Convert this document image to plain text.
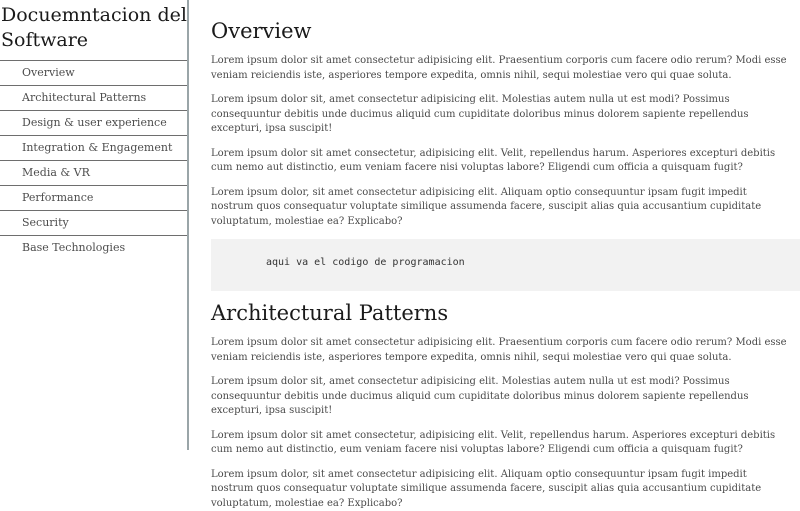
Docuemntacion del Software
Overview
Architectural Patterns
Design & user experience
Integration & Engagement
Media & VR
Performance
Security
Base Technologies
Overview

Lorem ipsum dolor sit amet consectetur adipisicing elit. Praesentium corporis cum facere odio rerum? Modi esse veniam reiciendis iste, asperiores tempore expedita, omnis nihil, sequi molestiae vero qui quae soluta.

Lorem ipsum dolor sit, amet consectetur adipisicing elit. Molestias autem nulla ut est modi? Possimus consequuntur debitis unde ducimus aliquid cum cupiditate doloribus minus dolorem sapiente repellendus excepturi, ipsa suscipit!

Lorem ipsum dolor sit amet consectetur, adipisicing elit. Velit, repellendus harum. Asperiores excepturi debitis cum nemo aut distinctio, eum veniam facere nisi voluptas labore? Eligendi cum officia a quisquam fugit?

Lorem ipsum dolor, sit amet consectetur adipisicing elit. Aliquam optio consequuntur ipsam fugit impedit nostrum quos consequatur voluptate similique assumenda facere, suscipit alias quia accusantium cupiditate voluptatum, molestiae ea? Explicabo?

aqui va el codigo de programacion
Architectural Patterns

Lorem ipsum dolor sit amet consectetur adipisicing elit. Praesentium corporis cum facere odio rerum? Modi esse veniam reiciendis iste, asperiores tempore expedita, omnis nihil, sequi molestiae vero qui quae soluta.

Lorem ipsum dolor sit, amet consectetur adipisicing elit. Molestias autem nulla ut est modi? Possimus consequuntur debitis unde ducimus aliquid cum cupiditate doloribus minus dolorem sapiente repellendus excepturi, ipsa suscipit!

Lorem ipsum dolor sit amet consectetur, adipisicing elit. Velit, repellendus harum. Asperiores excepturi debitis cum nemo aut distinctio, eum veniam facere nisi voluptas labore? Eligendi cum officia a quisquam fugit?

Lorem ipsum dolor, sit amet consectetur adipisicing elit. Aliquam optio consequuntur ipsam fugit impedit nostrum quos consequatur voluptate similique assumenda facere, suscipit alias quia accusantium cupiditate voluptatum, molestiae ea? Explicabo?
